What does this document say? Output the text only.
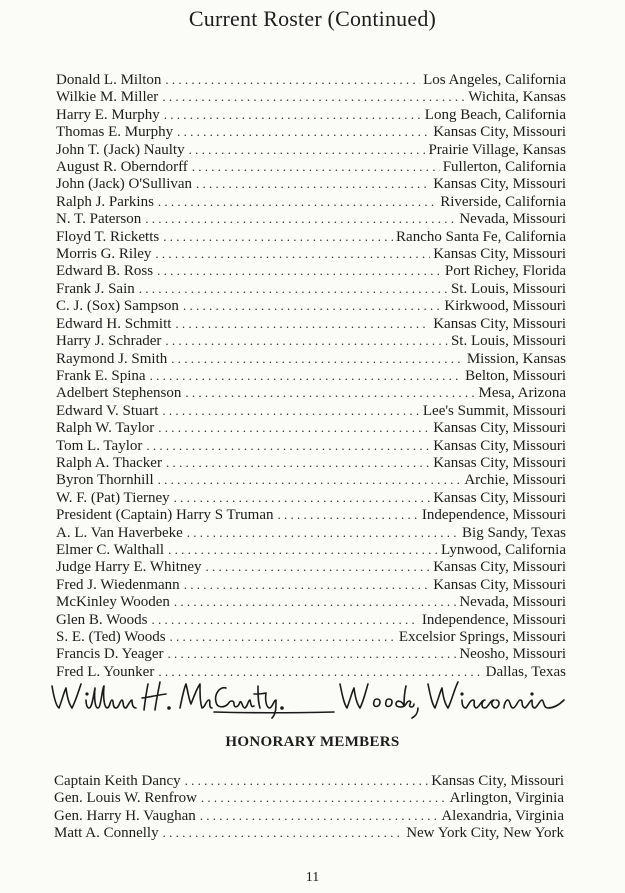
Current Roster (Continued)
Donald L. Milton . . .	Los Angeles, California
Wilkie M. Miller . . .	Wichita, Kansas
Harry E. Murphy . . .	Long Beach, California
Thomas E. Murphy . . .	Kansas City, Missouri
John T. (Jack) Naulty . . .	Prairie Village, Kansas
August R. Oberndorff . . .	Fullerton, California
John (Jack) O'Sullivan . . .	Kansas City, Missouri
Ralph J. Parkins . . .	Riverside, California
N. T. Paterson . . .	Nevada, Missouri
Floyd T. Ricketts . . .	Rancho Santa Fe, California
Morris G. Riley . . .	Kansas City, Missouri
Edward B. Ross . . .	Port Richey, Florida
Frank J. Sain . . .	St. Louis, Missouri
C. J. (Sox) Sampson . . .	Kirkwood, Missouri
Edward H. Schmitt . . .	Kansas City, Missouri
Harry J. Schrader . . .	St. Louis, Missouri
Raymond J. Smith . . .	Mission, Kansas
Frank E. Spina . . .	Belton, Missouri
Adelbert Stephenson . . .	Mesa, Arizona
Edward V. Stuart . . .	Lee's Summit, Missouri
Ralph W. Taylor . . .	Kansas City, Missouri
Tom L. Taylor . . .	Kansas City, Missouri
Ralph A. Thacker . . .	Kansas City, Missouri
Byron Thornhill . . .	Archie, Missouri
W. F. (Pat) Tierney . . .	Kansas City, Missouri
President (Captain) Harry S Truman . . .	Independence, Missouri
A. L. Van Haverbeke . . .	Big Sandy, Texas
Elmer C. Walthall . . .	Lynwood, California
Judge Harry E. Whitney . . .	Kansas City, Missouri
Fred J. Wiedenmann . . .	Kansas City, Missouri
McKinley Wooden . . .	Nevada, Missouri
Glen B. Woods . . .	Independence, Missouri
S. E. (Ted) Woods . . .	Excelsior Springs, Missouri
Francis D. Yeager . . .	Neosho, Missouri
Fred L. Younker . . .	Dallas, Texas
HONORARY MEMBERS
Captain Keith Dancy . . .	Kansas City, Missouri
Gen. Louis W. Renfrow . . .	Arlington, Virginia
Gen. Harry H. Vaughan . . .	Alexandria, Virginia
Matt A. Connelly . . .	New York City, New York
11
